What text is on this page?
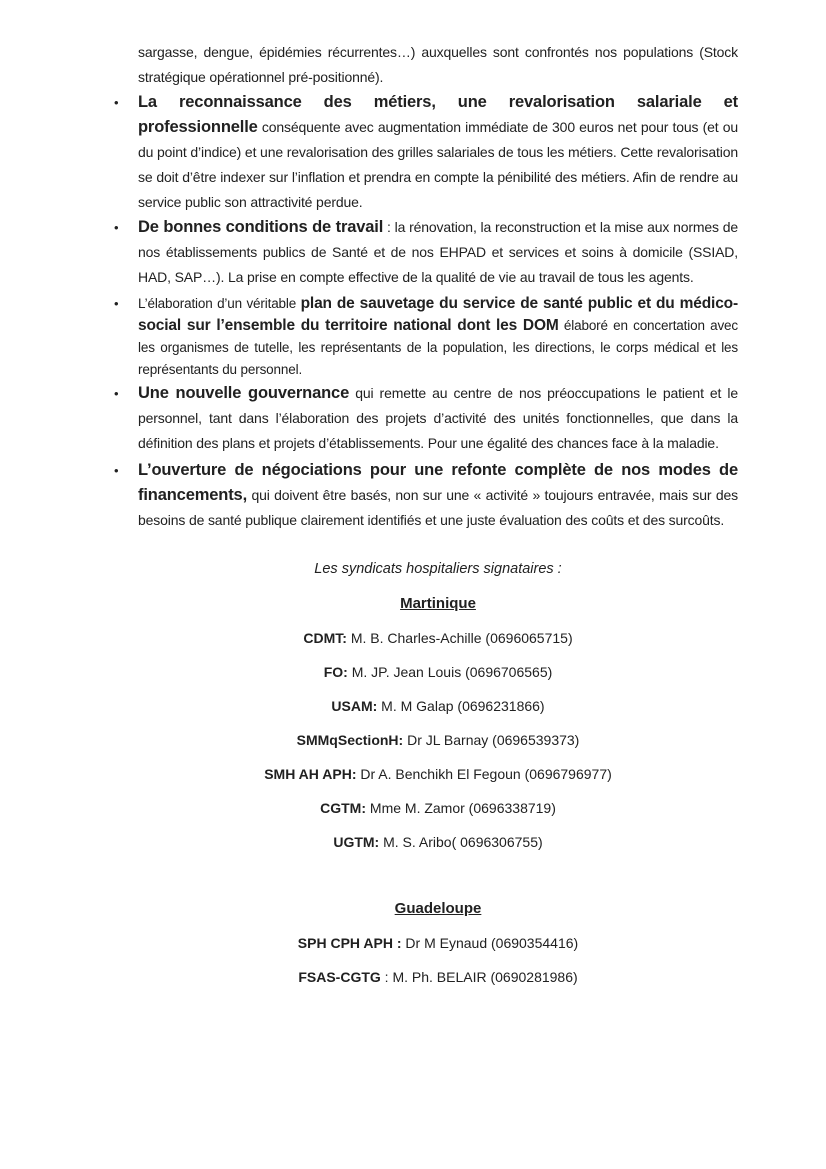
sargasse, dengue, épidémies récurrentes…) auxquelles sont confrontés nos populations (Stock stratégique opérationnel pré-positionné).

• La reconnaissance des métiers, une revalorisation salariale et professionnelle conséquente avec augmentation immédiate de 300 euros net pour tous (et ou du point d’indice) et une revalorisation des grilles salariales de tous les métiers. Cette revalorisation se doit d’être indexer sur l’inflation et prendra en compte la pénibilité des métiers. Afin de rendre au service public son attractivité perdue.
• De bonnes conditions de travail : la rénovation, la reconstruction et la mise aux normes de nos établissements publics de Santé et de nos EHPAD et services et soins à domicile (SSIAD, HAD, SAP…). La prise en compte effective de la qualité de vie au travail de tous les agents.
• L’élaboration d’un véritable plan de sauvetage du service de santé public et du médico-social sur l’ensemble du territoire national dont les DOM élaboré en concertation avec les organismes de tutelle, les représentants de la population, les directions, le corps médical et les représentants du personnel.
• Une nouvelle gouvernance qui remette au centre de nos préoccupations le patient et le personnel, tant dans l’élaboration des projets d’activité des unités fonctionnelles, que dans la définition des plans et projets d’établissements. Pour une égalité des chances face à la maladie.
• L’ouverture de négociations pour une refonte complète de nos modes de financements, qui doivent être basés, non sur une « activité » toujours entravée, mais sur des besoins de santé publique clairement identifiés et une juste évaluation des coûts et des surcoûts.

Les syndicats hospitaliers signataires :

Martinique

CDMT: M. B. Charles-Achille (0696065715)

FO: M. JP. Jean Louis (0696706565)

USAM: M. M Galap (0696231866)

SMMqSectionH: Dr JL Barnay (0696539373)

SMH AH APH: Dr A. Benchikh El Fegoun (0696796977)

CGTM: Mme M. Zamor (0696338719)

UGTM: M. S. Aribo( 0696306755)

Guadeloupe

SPH CPH APH : Dr M Eynaud (0690354416)

FSAS-CGTG : M. Ph. BELAIR (0690281986)
